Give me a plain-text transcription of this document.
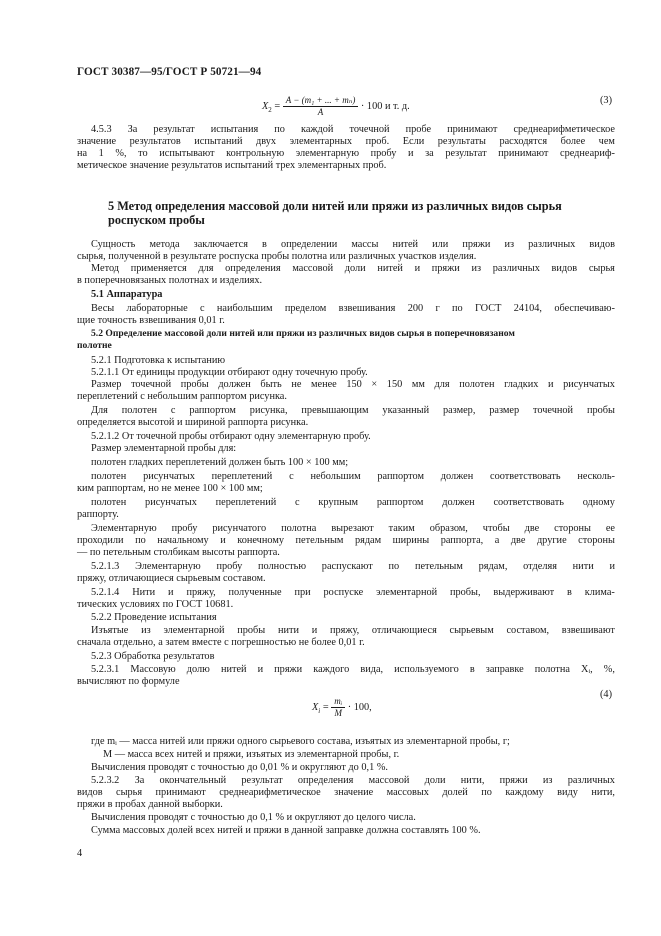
ГОСТ 30387—95/ГОСТ Р 50721—94
$X_2 = \frac{\text{A − (m₁ + ... + mₙ)}}{A} \cdot 100$ и т. д.
(3)
$X_i = \frac{\text{mᵢ}}{M} \cdot 100$,
(4)
4.5.3 За результат испытания по каждой точечной пробе принимают среднеарифметическое
значение результатов испытаний двух элементарных проб. Если результаты расходятся более чем
на 1 %, то испытывают контрольную элементарную пробу и за результат принимают среднеариф-
метическое значение результатов испытаний трех элементарных проб.
5 Метод определения массовой доли нитей или пряжи из различных видов сырья
роспуском пробы
Сущность метода заключается в определении массы нитей или пряжи из различных видов
сырья, полученной в результате роспуска пробы полотна или различных участков изделия.
Метод применяется для определения массовой доли нитей и пряжи из различных видов сырья
в поперечновязаных полотнах и изделиях.
5.1 Аппаратура
Весы лабораторные с наибольшим пределом взвешивания 200 г по ГОСТ 24104, обеспечиваю-
щие точность взвешивания 0,01 г.
5.2 Определение массовой доли нитей или пряжи из различных видов сырья в поперечновязаном
полотне
5.2.1 Подготовка к испытанию
5.2.1.1 От единицы продукции отбирают одну точечную пробу.
Размер точечной пробы должен быть не менее 150 × 150 мм для полотен гладких и рисунчатых
переплетений с небольшим раппортом рисунка.
Для полотен с раппортом рисунка, превышающим указанный размер, размер точечной пробы
определяется высотой и шириной раппорта рисунка.
5.2.1.2 От точечной пробы отбирают одну элементарную пробу.
Размер элементарной пробы для:
полотен гладких переплетений должен быть 100 × 100 мм;
полотен рисунчатых переплетений с небольшим раппортом должен соответствовать несколь-
ким раппортам, но не менее 100 × 100 мм;
полотен рисунчатых переплетений с крупным раппортом должен соответствовать одному
раппорту.
Элементарную пробу рисунчатого полотна вырезают таким образом, чтобы две стороны ее
проходили по начальному и конечному петельным рядам ширины раппорта, а две другие стороны
— по петельным столбикам высоты раппорта.
5.2.1.3 Элементарную пробу полностью распускают по петельным рядам, отделяя нити и
пряжу, отличающиеся сырьевым составом.
5.2.1.4 Нити и пряжу, полученные при роспуске элементарной пробы, выдерживают в клима-
тических условиях по ГОСТ 10681.
5.2.2 Проведение испытания
Изъятые из элементарной пробы нити и пряжу, отличающиеся сырьевым составом, взвешивают
сначала отдельно, а затем вместе с погрешностью не более 0,01 г.
5.2.3 Обработка результатов
5.2.3.1 Массовую долю нитей и пряжи каждого вида, используемого в заправке полотна Xᵢ, %,
вычисляют по формуле
где mᵢ — масса нитей или пряжи одного сырьевого состава, изъятых из элементарной пробы, г;
M — масса всех нитей и пряжи, изъятых из элементарной пробы, г.
Вычисления проводят с точностью до 0,01 % и округляют до 0,1 %.
5.2.3.2 За окончательный результат определения массовой доли нити, пряжи из различных
видов сырья принимают среднеарифметическое значение массовых долей по каждому виду нити,
пряжи в пробах данной выборки.
Вычисления проводят с точностью до 0,1 % и округляют до целого числа.
Сумма массовых долей всех нитей и пряжи в данной заправке должна составлять 100 %.
4
